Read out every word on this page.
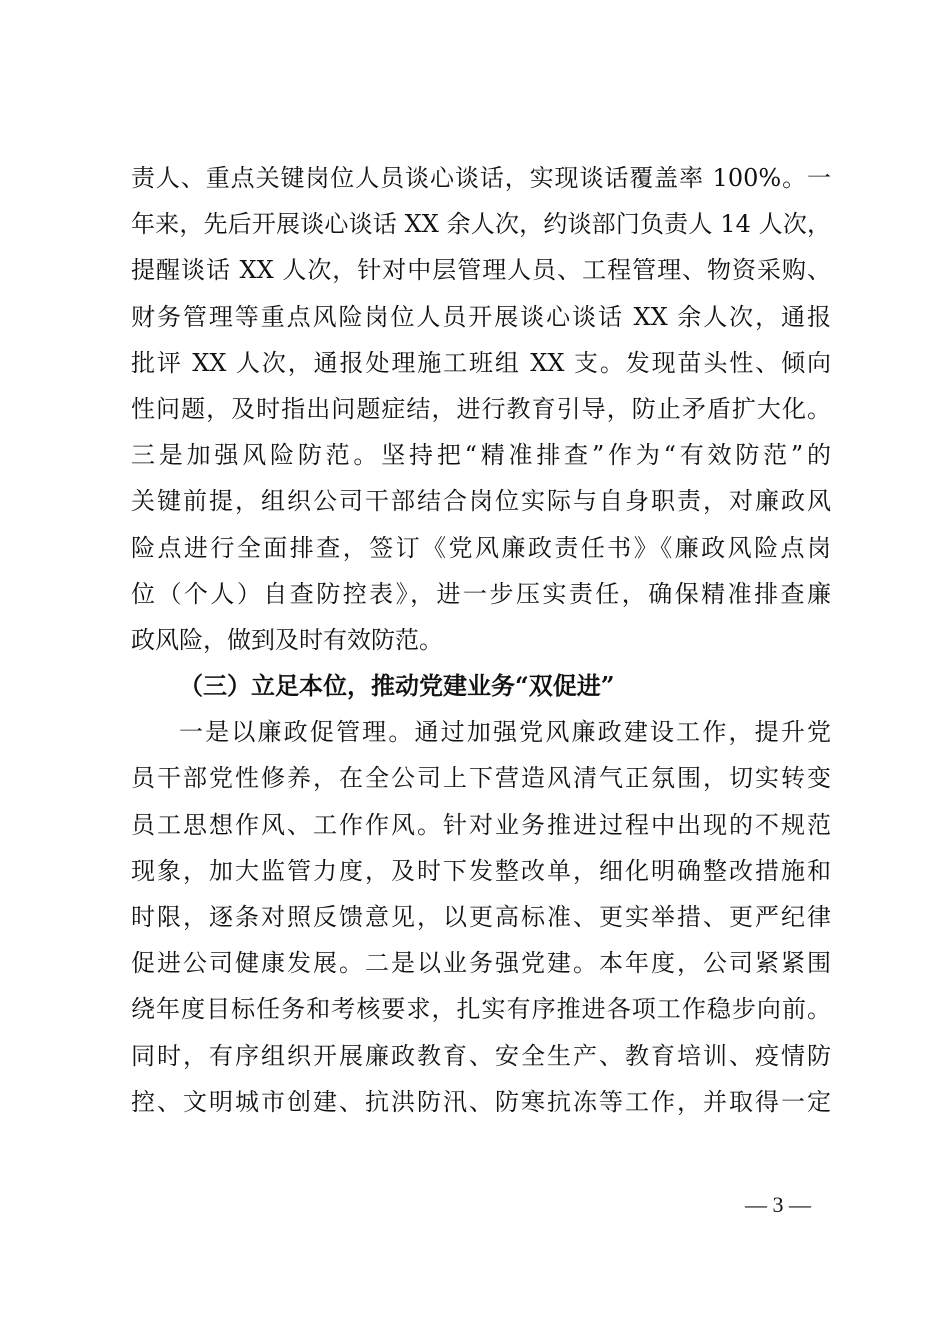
责人、重点关键岗位人员谈心谈话，实现谈话覆盖率 100%。一
年来，先后开展谈心谈话 XX 余人次，约谈部门负责人 14 人次，
提醒谈话 XX 人次，针对中层管理人员、工程管理、物资采购、
财务管理等重点风险岗位人员开展谈心谈话 XX 余人次，通报
批评 XX 人次，通报处理施工班组 XX 支。发现苗头性、倾向
性问题，及时指出问题症结，进行教育引导，防止矛盾扩大化。
三是加强风险防范。坚持把“精准排查”作为“有效防范”的
关键前提，组织公司干部结合岗位实际与自身职责，对廉政风
险点进行全面排查，签订《党风廉政责任书》《廉政风险点岗
位（个人）自查防控表》，进一步压实责任，确保精准排查廉
政风险，做到及时有效防范。
（三）立足本位，推动党建业务“双促进”
一是以廉政促管理。通过加强党风廉政建设工作，提升党
员干部党性修养，在全公司上下营造风清气正氛围，切实转变
员工思想作风、工作作风。针对业务推进过程中出现的不规范
现象，加大监管力度，及时下发整改单，细化明确整改措施和
时限，逐条对照反馈意见，以更高标准、更实举措、更严纪律
促进公司健康发展。二是以业务强党建。本年度，公司紧紧围
绕年度目标任务和考核要求，扎实有序推进各项工作稳步向前。
同时，有序组织开展廉政教育、安全生产、教育培训、疫情防
控、文明城市创建、抗洪防汛、防寒抗冻等工作，并取得一定
— 3 —
